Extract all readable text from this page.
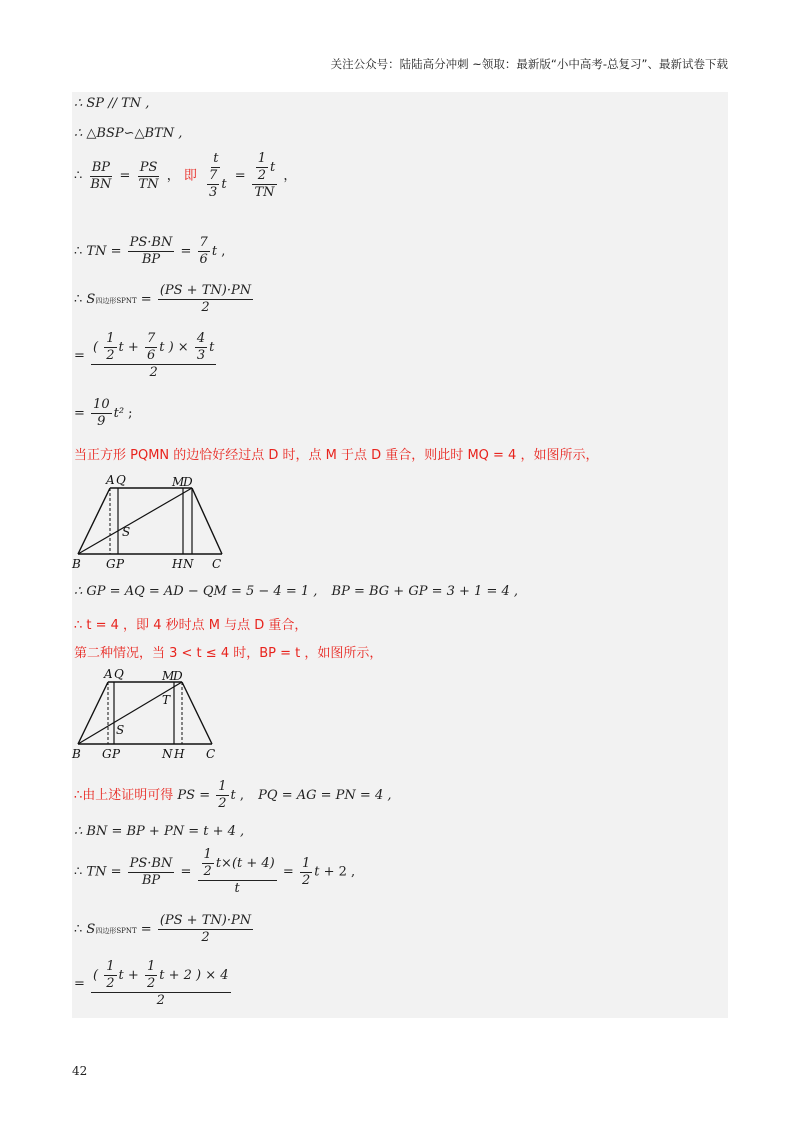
关注公众号：陆陆高分冲刺 ~领取：最新版“小中高考-总复习”、最新试卷下载
∴ SP // TN ,
∴ △BSP∽△BTN ,
∴ $\frac{BP}{BN} = \frac{PS}{TN}$ ， 即 $\frac{t}{\frac{7}{3} t} = \frac{\frac{1}{2} t}{TN}$ ，
∴ TN = $\frac{PS\cdot BN}{BP} = \frac{7}{6}$ t ,
∴ S四边形SPNT = $\frac{(PS + TN)\cdot PN}{2}$
= $\frac{( \frac{1}{2} t + \frac{7}{6} t ) \times \frac{4}{3} t}{2}$
= $\frac{10}{9} t^2$ ;
当正方形 PQMN 的边恰好经过点 D 时，点 M 于点 D 重合，则此时 MQ = 4 ，如图所示，
A Q	M
D
S
B G P	H N C
∴ GP = AQ = AD − QM = 5 − 4 = 1 , BP = BG + GP = 3 + 1 = 4 ,
∴ t = 4 ，即 4 秒时点 M 与点 D 重合，
第二种情况，当 3 < t ≤ 4 时，BP = t ，如图所示，
A Q	M
D
T
S
B G P	N H C
∴由上述证明可得 PS = $\frac{1}{2}$ t , PQ = AG = PN = 4 ,
∴ BN = BP + PN = t + 4 ,
∴ TN = $\frac{PS\cdot BN}{BP} = \frac{\frac{1}{2} t\times(t + 4)}{t} = \frac{1}{2}$ t + 2 ,
∴ S四边形SPNT = $\frac{(PS + TN)\cdot PN}{2}$
= $\frac{( \frac{1}{2} t + \frac{1}{2} t + 2 ) \times 4}{2}$
42
